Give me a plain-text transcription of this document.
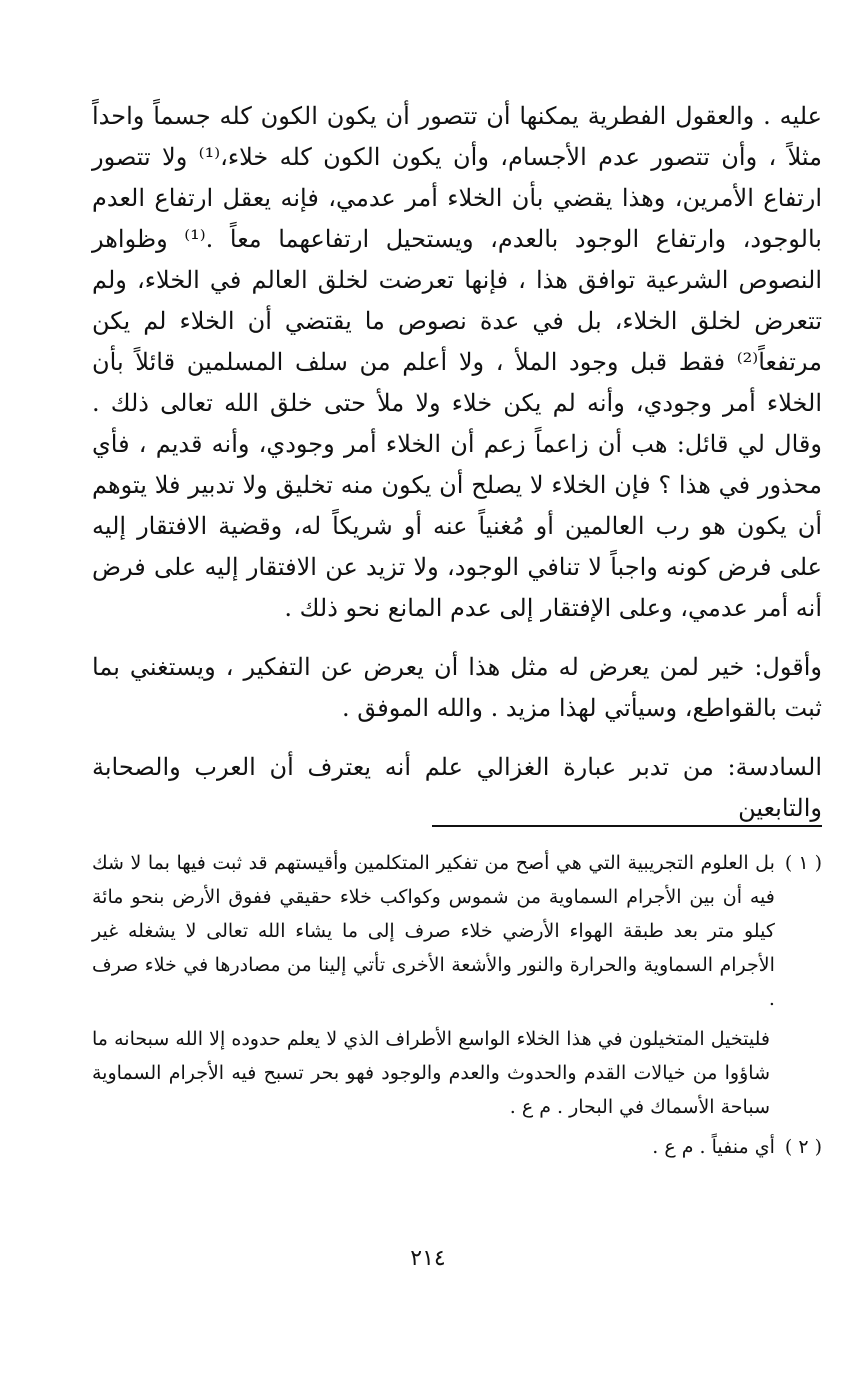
عليه . والعقول الفطرية يمكنها أن تتصور أن يكون الكون كله جسماً واحداً مثلاً ، وأن تتصور عدم الأجسام، وأن يكون الكون كله خلاء،⁽¹⁾ ولا تتصور ارتفاع الأمرين، وهذا يقضي بأن الخلاء أمر عدمي، فإنه يعقل ارتفاع العدم بالوجود، وارتفاع الوجود بالعدم، ويستحيل ارتفاعهما معاً .⁽¹⁾ وظواهر النصوص الشرعية توافق هذا ، فإنها تعرضت لخلق العالم في الخلاء، ولم تتعرض لخلق الخلاء، بل في عدة نصوص ما يقتضي أن الخلاء لم يكن مرتفعاً⁽²⁾ فقط قبل وجود الملأ ، ولا أعلم من سلف المسلمين قائلاً بأن الخلاء أمر وجودي، وأنه لم يكن خلاء ولا ملأ حتى خلق الله تعالى ذلك . وقال لي قائل: هب أن زاعماً زعم أن الخلاء أمر وجودي، وأنه قديم ، فأي محذور في هذا ؟ فإن الخلاء لا يصلح أن يكون منه تخليق ولا تدبير فلا يتوهم أن يكون هو رب العالمين أو مُغنياً عنه أو شريكاً له، وقضية الافتقار إليه على فرض كونه واجباً لا تنافي الوجود، ولا تزيد عن الافتقار إليه على فرض أنه أمر عدمي، وعلى الإفتقار إلى عدم المانع نحو ذلك .

وأقول: خير لمن يعرض له مثل هذا أن يعرض عن التفكير ، ويستغني بما ثبت بالقواطع، وسيأتي لهذا مزيد . والله الموفق .

السادسة: من تدبر عبارة الغزالي علم أنه يعترف أن العرب والصحابة والتابعين

( ١ )
بل العلوم التجريبية التي هي أصح من تفكير المتكلمين وأقيستهم قد ثبت فيها بما لا شك فيه أن بين الأجرام السماوية من شموس وكواكب خلاء حقيقي ففوق الأرض بنحو مائة كيلو متر بعد طبقة الهواء الأرضي خلاء صرف إلى ما يشاء الله تعالى لا يشغله غير الأجرام السماوية والحرارة والنور والأشعة الأخرى تأتي إلينا من مصادرها في خلاء صرف .

فليتخيل المتخيلون في هذا الخلاء الواسع الأطراف الذي لا يعلم حدوده إلا الله سبحانه ما شاؤوا من خيالات القدم والحدوث والعدم والوجود فهو بحر تسبح فيه الأجرام السماوية سباحة الأسماك في البحار . م ع .

( ٢ )
أي منفياً . م ع .
٢١٤
